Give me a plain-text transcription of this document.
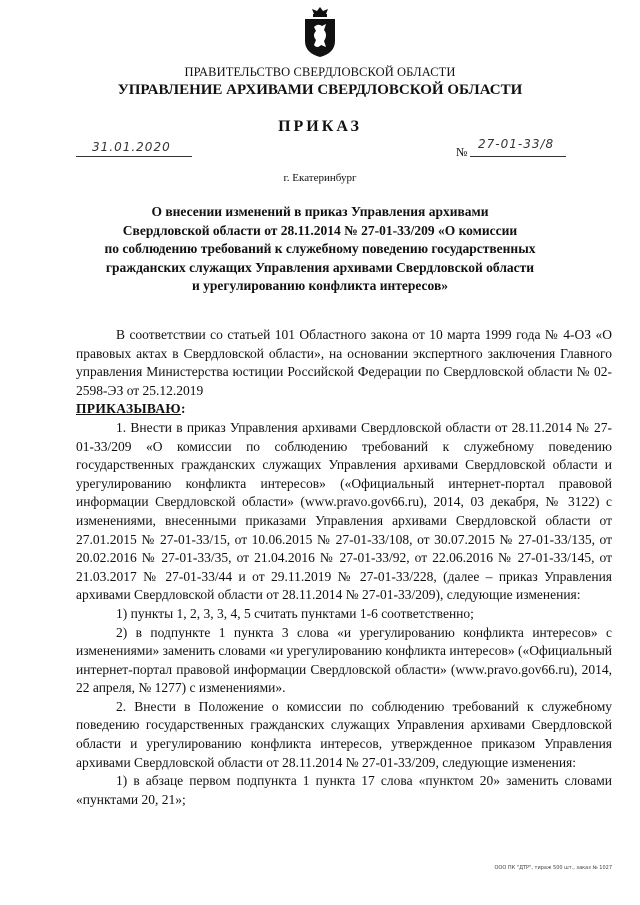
ПРАВИТЕЛЬСТВО СВЕРДЛОВСКОЙ ОБЛАСТИ
УПРАВЛЕНИЕ АРХИВАМИ СВЕРДЛОВСКОЙ ОБЛАСТИ
ПРИКАЗ
31.01.2020	№
27-01-33/8
г. Екатеринбург
О внесении изменений в приказ Управления архивами
Свердловской области от 28.11.2014 № 27-01-33/209 «О комиссии
по соблюдению требований к служебному поведению государственных
гражданских служащих Управления архивами Свердловской области
и урегулированию конфликта интересов»

В соответствии со статьей 101 Областного закона от 10 марта 1999 года № 4-ОЗ «О правовых актах в Свердловской области», на основании экспертного заключения Главного управления Министерства юстиции Российской Федерации по Свердловской области № 02-2598-ЭЗ от 25.12.2019

ПРИКАЗЫВАЮ:

1. Внести в приказ Управления архивами Свердловской области от 28.11.2014 № 27-01-33/209 «О комиссии по соблюдению требований к служебному поведению государственных гражданских служащих Управления архивами Свердловской области и урегулированию конфликта интересов» («Официальный интернет-портал правовой информации Свердловской области» (www.pravo.gov66.ru), 2014, 03 декабря, № 3122) с изменениями, внесенными приказами Управления архивами Свердловской области от 27.01.2015 № 27-01-33/15, от 10.06.2015 № 27-01-33/108, от 30.07.2015 № 27-01-33/135, от 20.02.2016 № 27-01-33/35, от 21.04.2016 № 27-01-33/92, от 22.06.2016 № 27-01-33/145, от 21.03.2017 № 27-01-33/44 и от 29.11.2019 № 27-01-33/228, (далее – приказ Управления архивами Свердловской области от 28.11.2014 № 27-01-33/209), следующие изменения:

1) пункты 1, 2, 3, 3, 4, 5 считать пунктами 1-6 соответственно;

2) в подпункте 1 пункта 3 слова «и урегулированию конфликта интересов» с изменениями» заменить словами «и урегулированию конфликта интересов» («Официальный интернет-портал правовой информации Свердловской области» (www.pravo.gov66.ru), 2014, 22 апреля, № 1277) с изменениями».

2. Внести в Положение о комиссии по соблюдению требований к служебному поведению государственных гражданских служащих Управления архивами Свердловской области и урегулированию конфликта интересов, утвержденное приказом Управления архивами Свердловской области от 28.11.2014 № 27-01-33/209, следующие изменения:

1) в абзаце первом подпункта 1 пункта 17 слова «пунктом 20» заменить словами «пунктами 20, 21»;

ООО ПК "ДТР", тираж 500 шт., заказ № 1027
